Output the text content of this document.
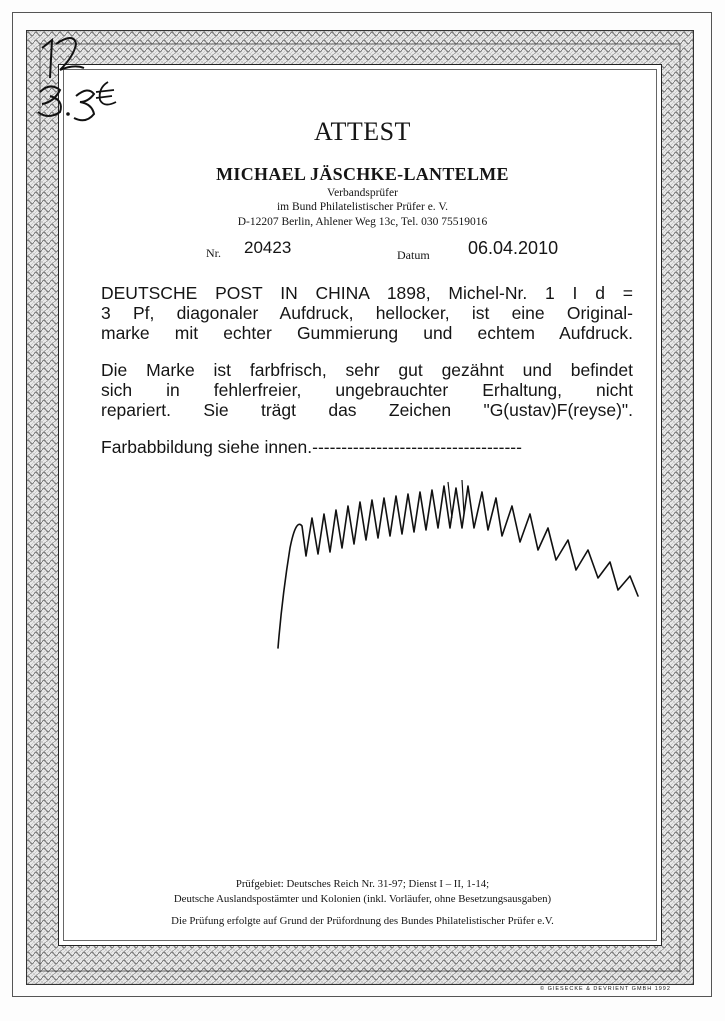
ATTEST
MICHAEL JÄSCHKE-LANTELME
Verbandsprüfer
im Bund Philatelistischer Prüfer e. V.
D-12207 Berlin, Ahlener Weg 13c, Tel. 030 75519016
Nr. 20423	Datum 06.04.2010
DEUTSCHE POST IN CHINA 1898, Michel-Nr. 1 I d =
3 Pf, diagonaler Aufdruck, hellocker, ist eine Original-
marke mit echter Gummierung und echtem Aufdruck.
Die Marke ist farbfrisch, sehr gut gezähnt und befindet
sich in fehlerfreier, ungebrauchter Erhaltung, nicht
repariert. Sie trägt das Zeichen "G(ustav)F(reyse)".
Farbabbildung siehe innen.------------------------------------
Prüfgebiet: Deutsches Reich Nr. 31-97; Dienst I – II, 1-14;
Deutsche Auslandspostämter und Kolonien (inkl. Vorläufer, ohne Besetzungsausgaben)
Die Prüfung erfolgte auf Grund der Prüfordnung des Bundes Philatelistischer Prüfer e.V.
© GIESECKE & DEVRIENT GMBH 1992
